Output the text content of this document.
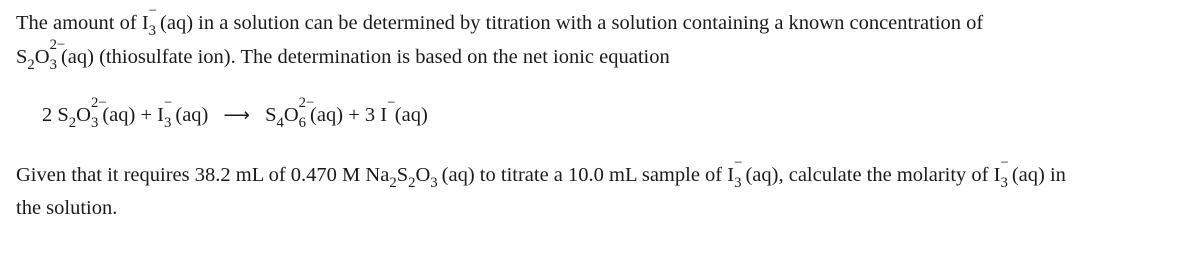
The amount of I
−
3 (aq) in a solution can be determined by titration with a solution containing a known concentration of
$S_2O$
2−
3 (aq) (thiosulfate ion). The determination is based on the net ionic equation
2 $S_2O$
2−
3 (aq) + I
−
3 (aq) ⟶ $S_4O$
2−
6 (aq) + 3 I
−
(aq)
Given that it requires 38.2 mL of 0.470 M $Na_2S_2O_3$ (aq) to titrate a 10.0 mL sample of I
−
3 (aq), calculate the molarity of I
−
3 (aq) in
the solution.
